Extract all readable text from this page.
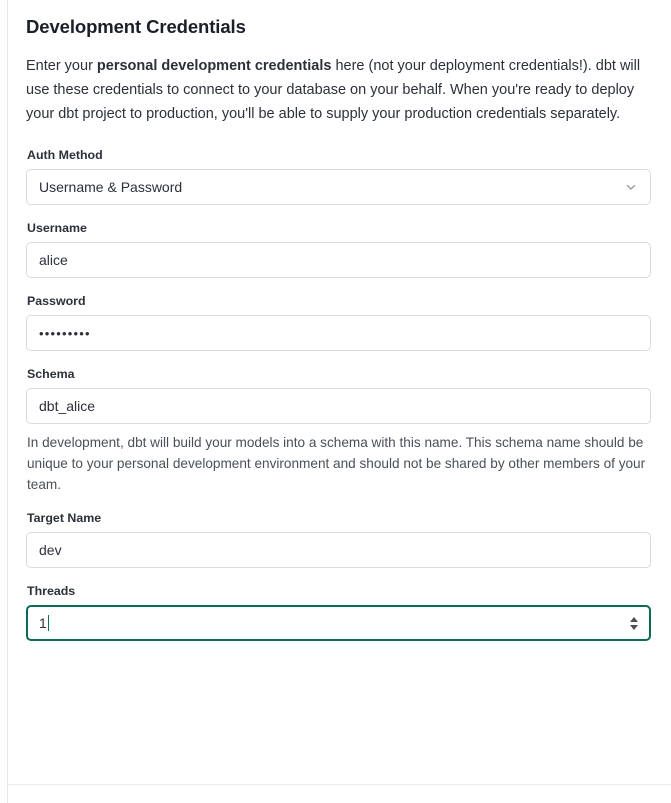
Development Credentials

Enter your personal development credentials here (not your deployment credentials!). dbt will use these credentials to connect to your database on your behalf. When you're ready to deploy your dbt project to production, you'll be able to supply your production credentials separately.

Auth Method
Username & Password
Username
alice
Password
•••••••••
Schema
dbt_alice
In development, dbt will build your models into a schema with this name. This schema name should be unique to your personal development environment and should not be shared by other members of your team.
Target Name
dev
Threads
1
